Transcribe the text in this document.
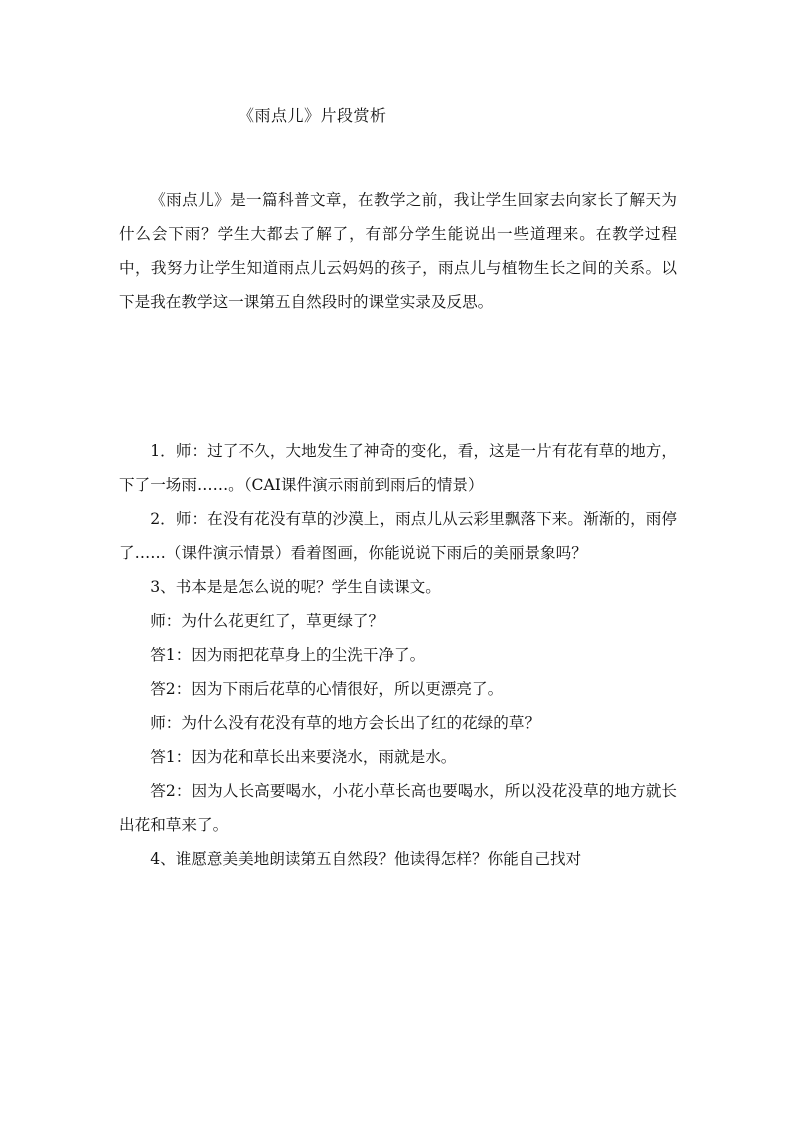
《雨点儿》片段赏析

《雨点儿》是一篇科普文章，在教学之前，我让学生回家去向家长了解天为什么会下雨？学生大都去了解了，有部分学生能说出一些道理来。在教学过程中，我努力让学生知道雨点儿云妈妈的孩子，雨点儿与植物生长之间的关系。以下是我在教学这一课第五自然段时的课堂实录及反思。

1．师：过了不久，大地发生了神奇的变化，看，这是一片有花有草的地方，下了一场雨……。（CAI课件演示雨前到雨后的情景）

2．师：在没有花没有草的沙漠上，雨点儿从云彩里飘落下来。渐渐的，雨停了……（课件演示情景）看着图画，你能说说下雨后的美丽景象吗？

3、书本是是怎么说的呢？学生自读课文。

师：为什么花更红了，草更绿了？

答1：因为雨把花草身上的尘洗干净了。

答2：因为下雨后花草的心情很好，所以更漂亮了。

师：为什么没有花没有草的地方会长出了红的花绿的草？

答1：因为花和草长出来要浇水，雨就是水。

答2：因为人长高要喝水，小花小草长高也要喝水，所以没花没草的地方就长出花和草来了。

4、谁愿意美美地朗读第五自然段？他读得怎样？你能自己找对
